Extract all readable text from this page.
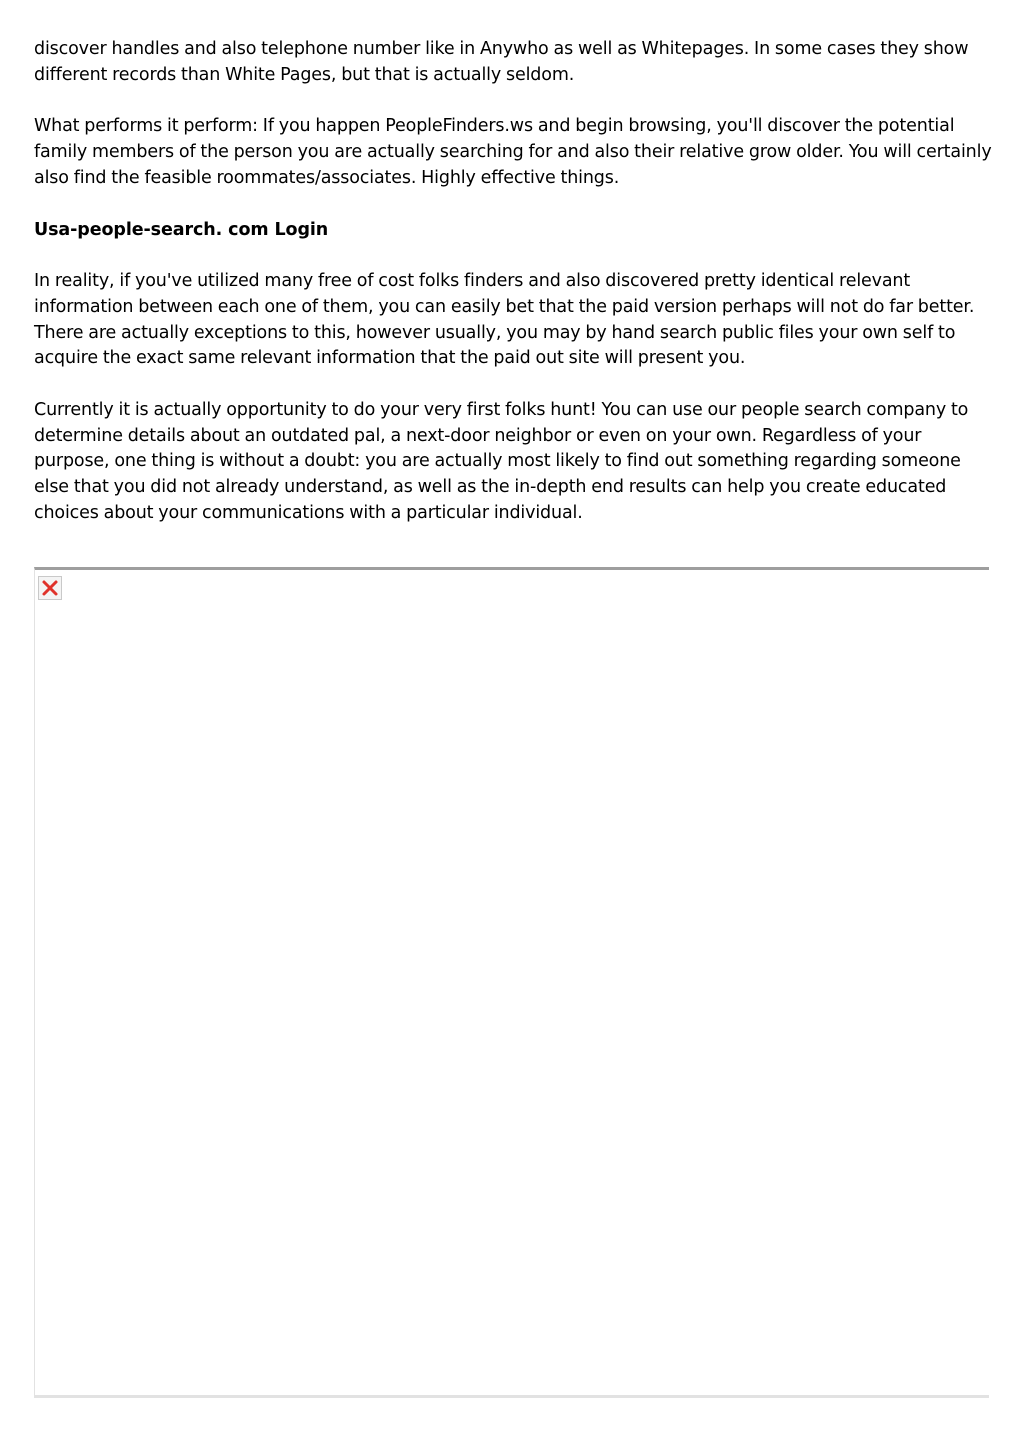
discover handles and also telephone number like in Anywho as well as Whitepages. In some cases they show different records than White Pages, but that is actually seldom.

What performs it perform: If you happen PeopleFinders.ws and begin browsing, you'll discover the potential family members of the person you are actually searching for and also their relative grow older. You will certainly also find the feasible roommates/associates. Highly effective things.

Usa-people-search. com Login

In reality, if you've utilized many free of cost folks finders and also discovered pretty identical relevant information between each one of them, you can easily bet that the paid version perhaps will not do far better. There are actually exceptions to this, however usually, you may by hand search public files your own self to acquire the exact same relevant information that the paid out site will present you.

Currently it is actually opportunity to do your very first folks hunt! You can use our people search company to determine details about an outdated pal, a next-door neighbor or even on your own. Regardless of your purpose, one thing is without a doubt: you are actually most likely to find out something regarding someone else that you did not already understand, as well as the in-depth end results can help you create educated choices about your communications with a particular individual.
